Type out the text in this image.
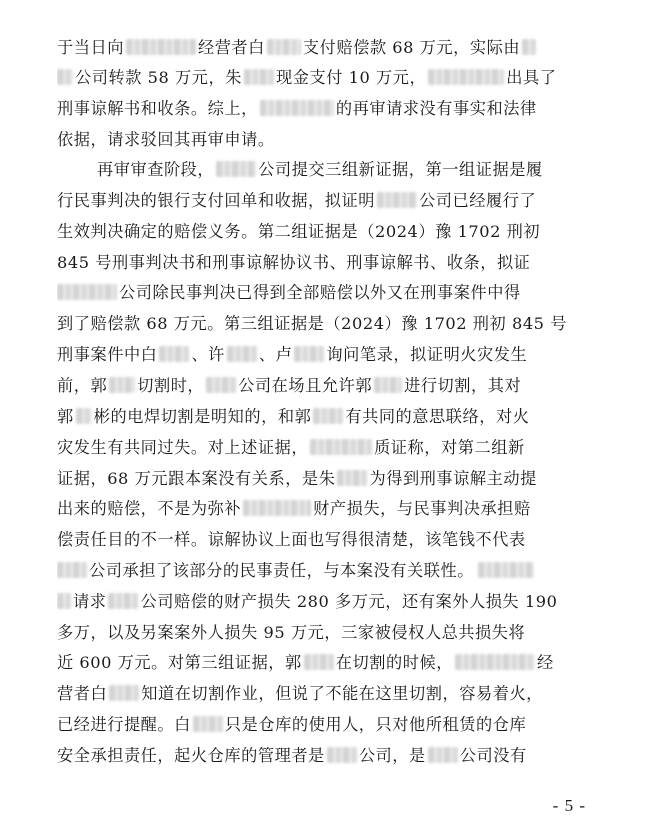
于当日向	经营者白 支付赔偿款 68 万元，实际由
公司转款 58 万元，朱 现金支付 10 万元，	出具了
刑事谅解书和收条。综上，	的再审请求没有事实和法律
依据，请求驳回其再审申请。
再审审查阶段，	公司提交三组新证据，第一组证据是履
行民事判决的银行支付回单和收据，拟证明	公司已经履行了
生效判决确定的赔偿义务。第二组证据是（2024）豫 1702 刑初
845 号刑事判决书和刑事谅解协议书、刑事谅解书、收条，拟证
公司除民事判决已得到全部赔偿以外又在刑事案件中得
到了赔偿款 68 万元。第三组证据是（2024）豫 1702 刑初 845 号
刑事案件中白 、许 、卢 询问笔录，拟证明火灾发生
前，郭 切割时， 公司在场且允许郭 进行切割，其对
郭 彬的电焊切割是明知的，和郭 有共同的意思联络，对火
灾发生有共同过失。对上述证据，	质证称，对第二组新
证据，68 万元跟本案没有关系，是朱 为得到刑事谅解主动提
出来的赔偿，不是为弥补	财产损失，与民事判决承担赔
偿责任目的不一样。谅解协议上面也写得很清楚，该笔钱不代表
公司承担了该部分的民事责任，与本案没有关联性。
请求 公司赔偿的财产损失 280 多万元，还有案外人损失 190
多万，以及另案案外人损失 95 万元，三家被侵权人总共损失将
近 600 万元。对第三组证据，郭 在切割的时候，	经
营者白 知道在切割作业，但说了不能在这里切割，容易着火，
已经进行提醒。白 只是仓库的使用人，只对他所租赁的仓库
安全承担责任，起火仓库的管理者是 公司，是 公司没有
- 5 -
